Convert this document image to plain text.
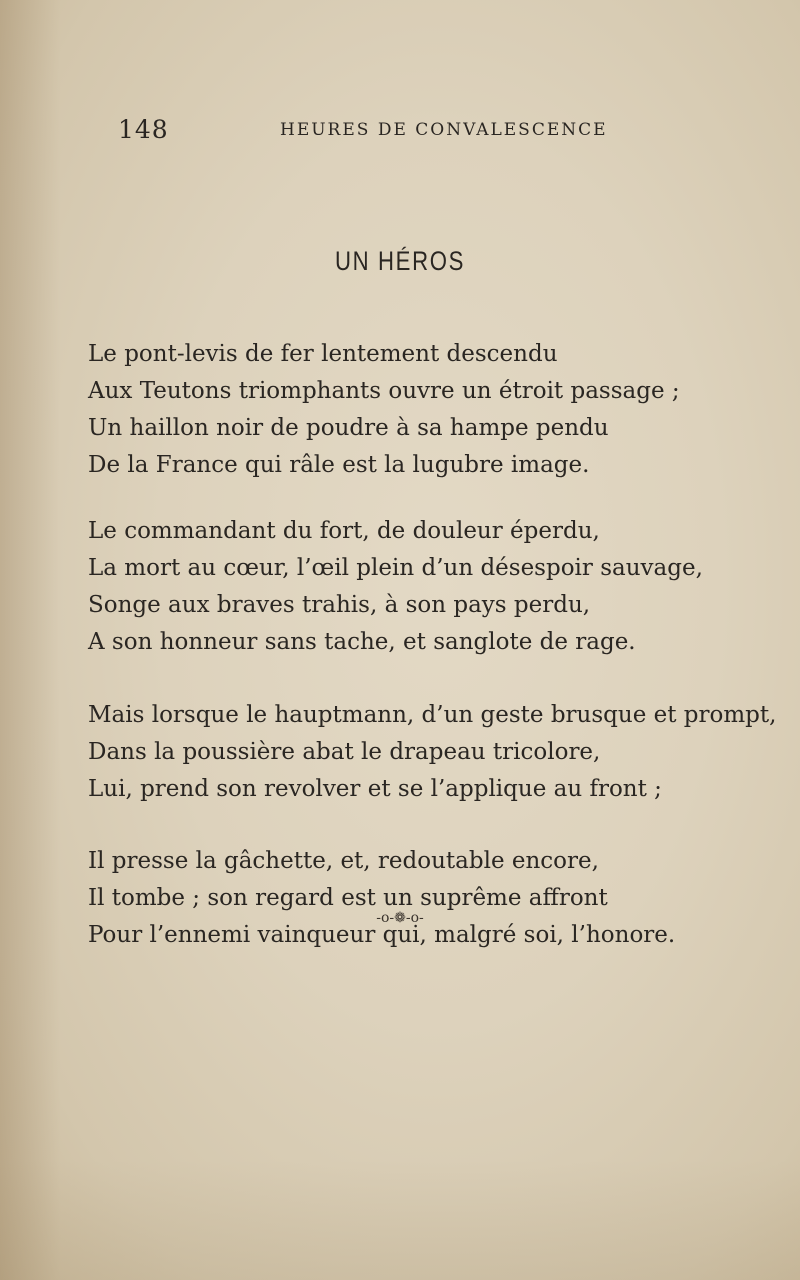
148	HEURES DE CONVALESCENCE
UN HÉROS
Le pont-levis de fer lentement descendu
Aux Teutons triomphants ouvre un étroit passage ;
Un haillon noir de poudre à sa hampe pendu
De la France qui râle est la lugubre image.
Le commandant du fort, de douleur éperdu,
La mort au cœur, l’œil plein d’un désespoir sauvage,
Songe aux braves trahis, à son pays perdu,
A son honneur sans tache, et sanglote de rage.
Mais lorsque le hauptmann, d’un geste brusque et prompt,
Dans la poussière abat le drapeau tricolore,
Lui, prend son revolver et se l’applique au front ;
Il presse la gâchette, et, redoutable encore,
Il tombe ; son regard est un suprême affront
Pour l’ennemi vainqueur qui, malgré soi, l’honore.
-o-❁-o-
